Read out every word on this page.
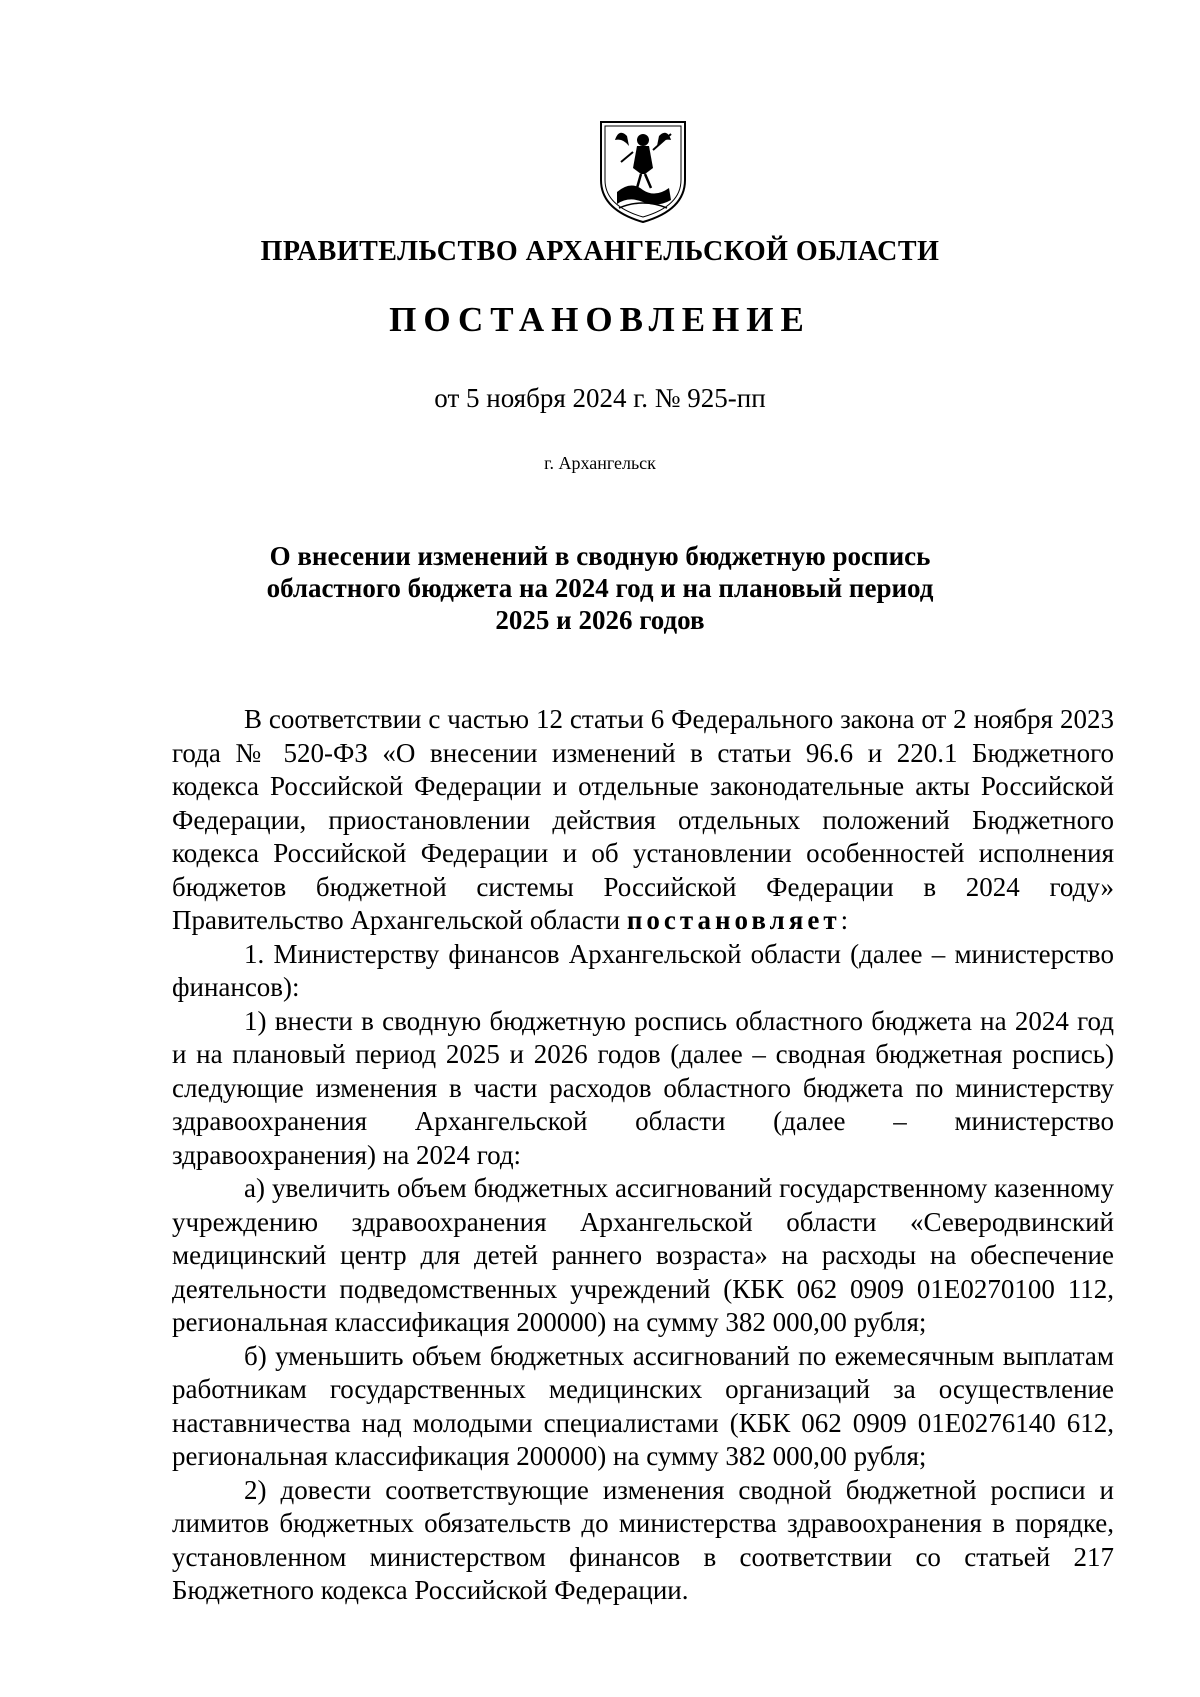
ПРАВИТЕЛЬСТВО АРХАНГЕЛЬСКОЙ ОБЛАСТИ
ПОСТАНОВЛЕНИЕ
от 5 ноября 2024 г. № 925-пп
г. Архангельск
О внесении изменений в сводную бюджетную роспись
областного бюджета на 2024 год и на плановый период
2025 и 2026 годов

В соответствии с частью 12 статьи 6 Федерального закона от 2 ноября 2023 года № 520-ФЗ «О внесении изменений в статьи 96.6 и 220.1 Бюджетного кодекса Российской Федерации и отдельные законодательные акты Российской Федерации, приостановлении действия отдельных положений Бюджетного кодекса Российской Федерации и об установлении особенностей исполнения бюджетов бюджетной системы Российской Федерации в 2024 году» Правительство Архангельской области постановляет:

1. Министерству финансов Архангельской области (далее – министерство финансов):

1) внести в сводную бюджетную роспись областного бюджета на 2024 год и на плановый период 2025 и 2026 годов (далее – сводная бюджетная роспись) следующие изменения в части расходов областного бюджета по министерству здравоохранения Архангельской области (далее – министерство здравоохранения) на 2024 год:

а) увеличить объем бюджетных ассигнований государственному казенному учреждению здравоохранения Архангельской области «Северодвинский медицинский центр для детей раннего возраста» на расходы на обеспечение деятельности подведомственных учреждений (КБК 062 0909 01Е0270100 112, региональная классификация 200000) на сумму 382 000,00 рубля;

б) уменьшить объем бюджетных ассигнований по ежемесячным выплатам работникам государственных медицинских организаций за осуществление наставничества над молодыми специалистами (КБК 062 0909 01Е0276140 612, региональная классификация 200000) на сумму 382 000,00 рубля;

2) довести соответствующие изменения сводной бюджетной росписи и лимитов бюджетных обязательств до министерства здравоохранения в порядке, установленном министерством финансов в соответствии со статьей 217 Бюджетного кодекса Российской Федерации.
